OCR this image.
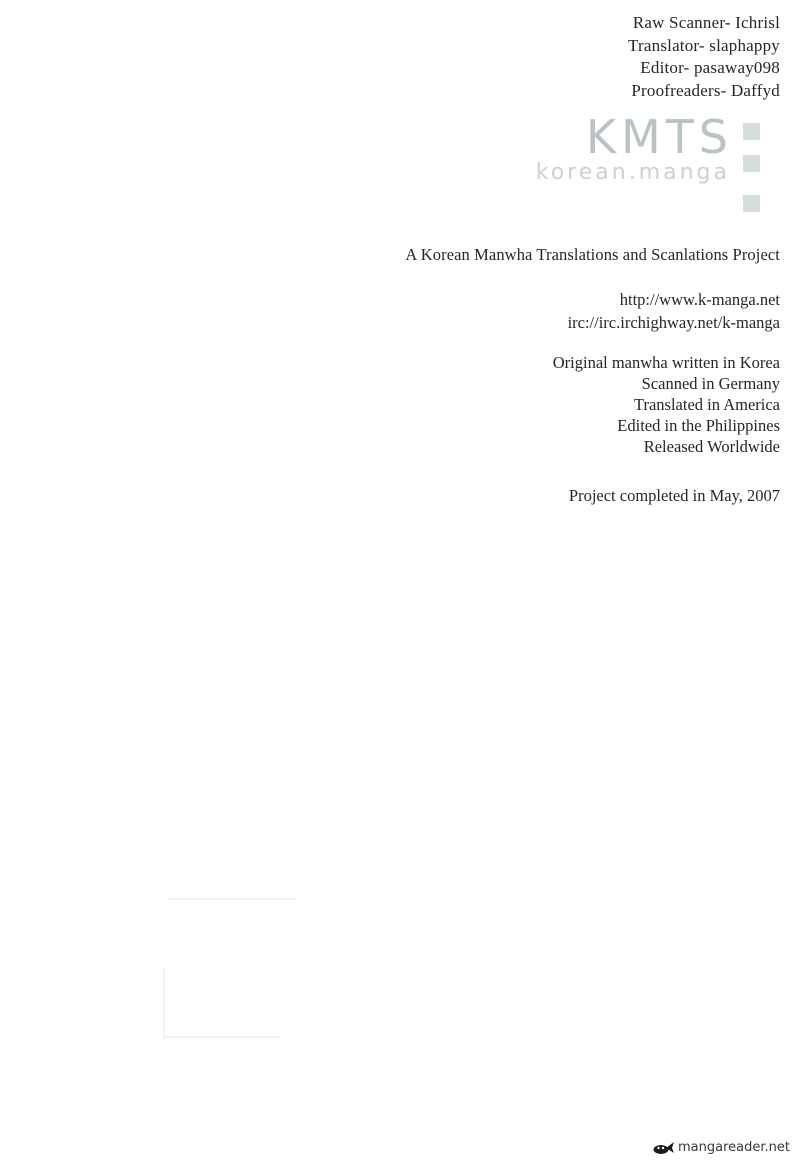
Raw Scanner- Ichrisl
Translator- slaphappy
Editor- pasaway098
Proofreaders- Daffyd
KMTS
korean.manga
A Korean Manwha Translations and Scanlations Project
http://www.k-manga.net
irc://irc.irchighway.net/k-manga
Original manwha written in Korea
Scanned in Germany
Translated in America
Edited in the Philippines
Released Worldwide
Project completed in May, 2007
mangareader.net
